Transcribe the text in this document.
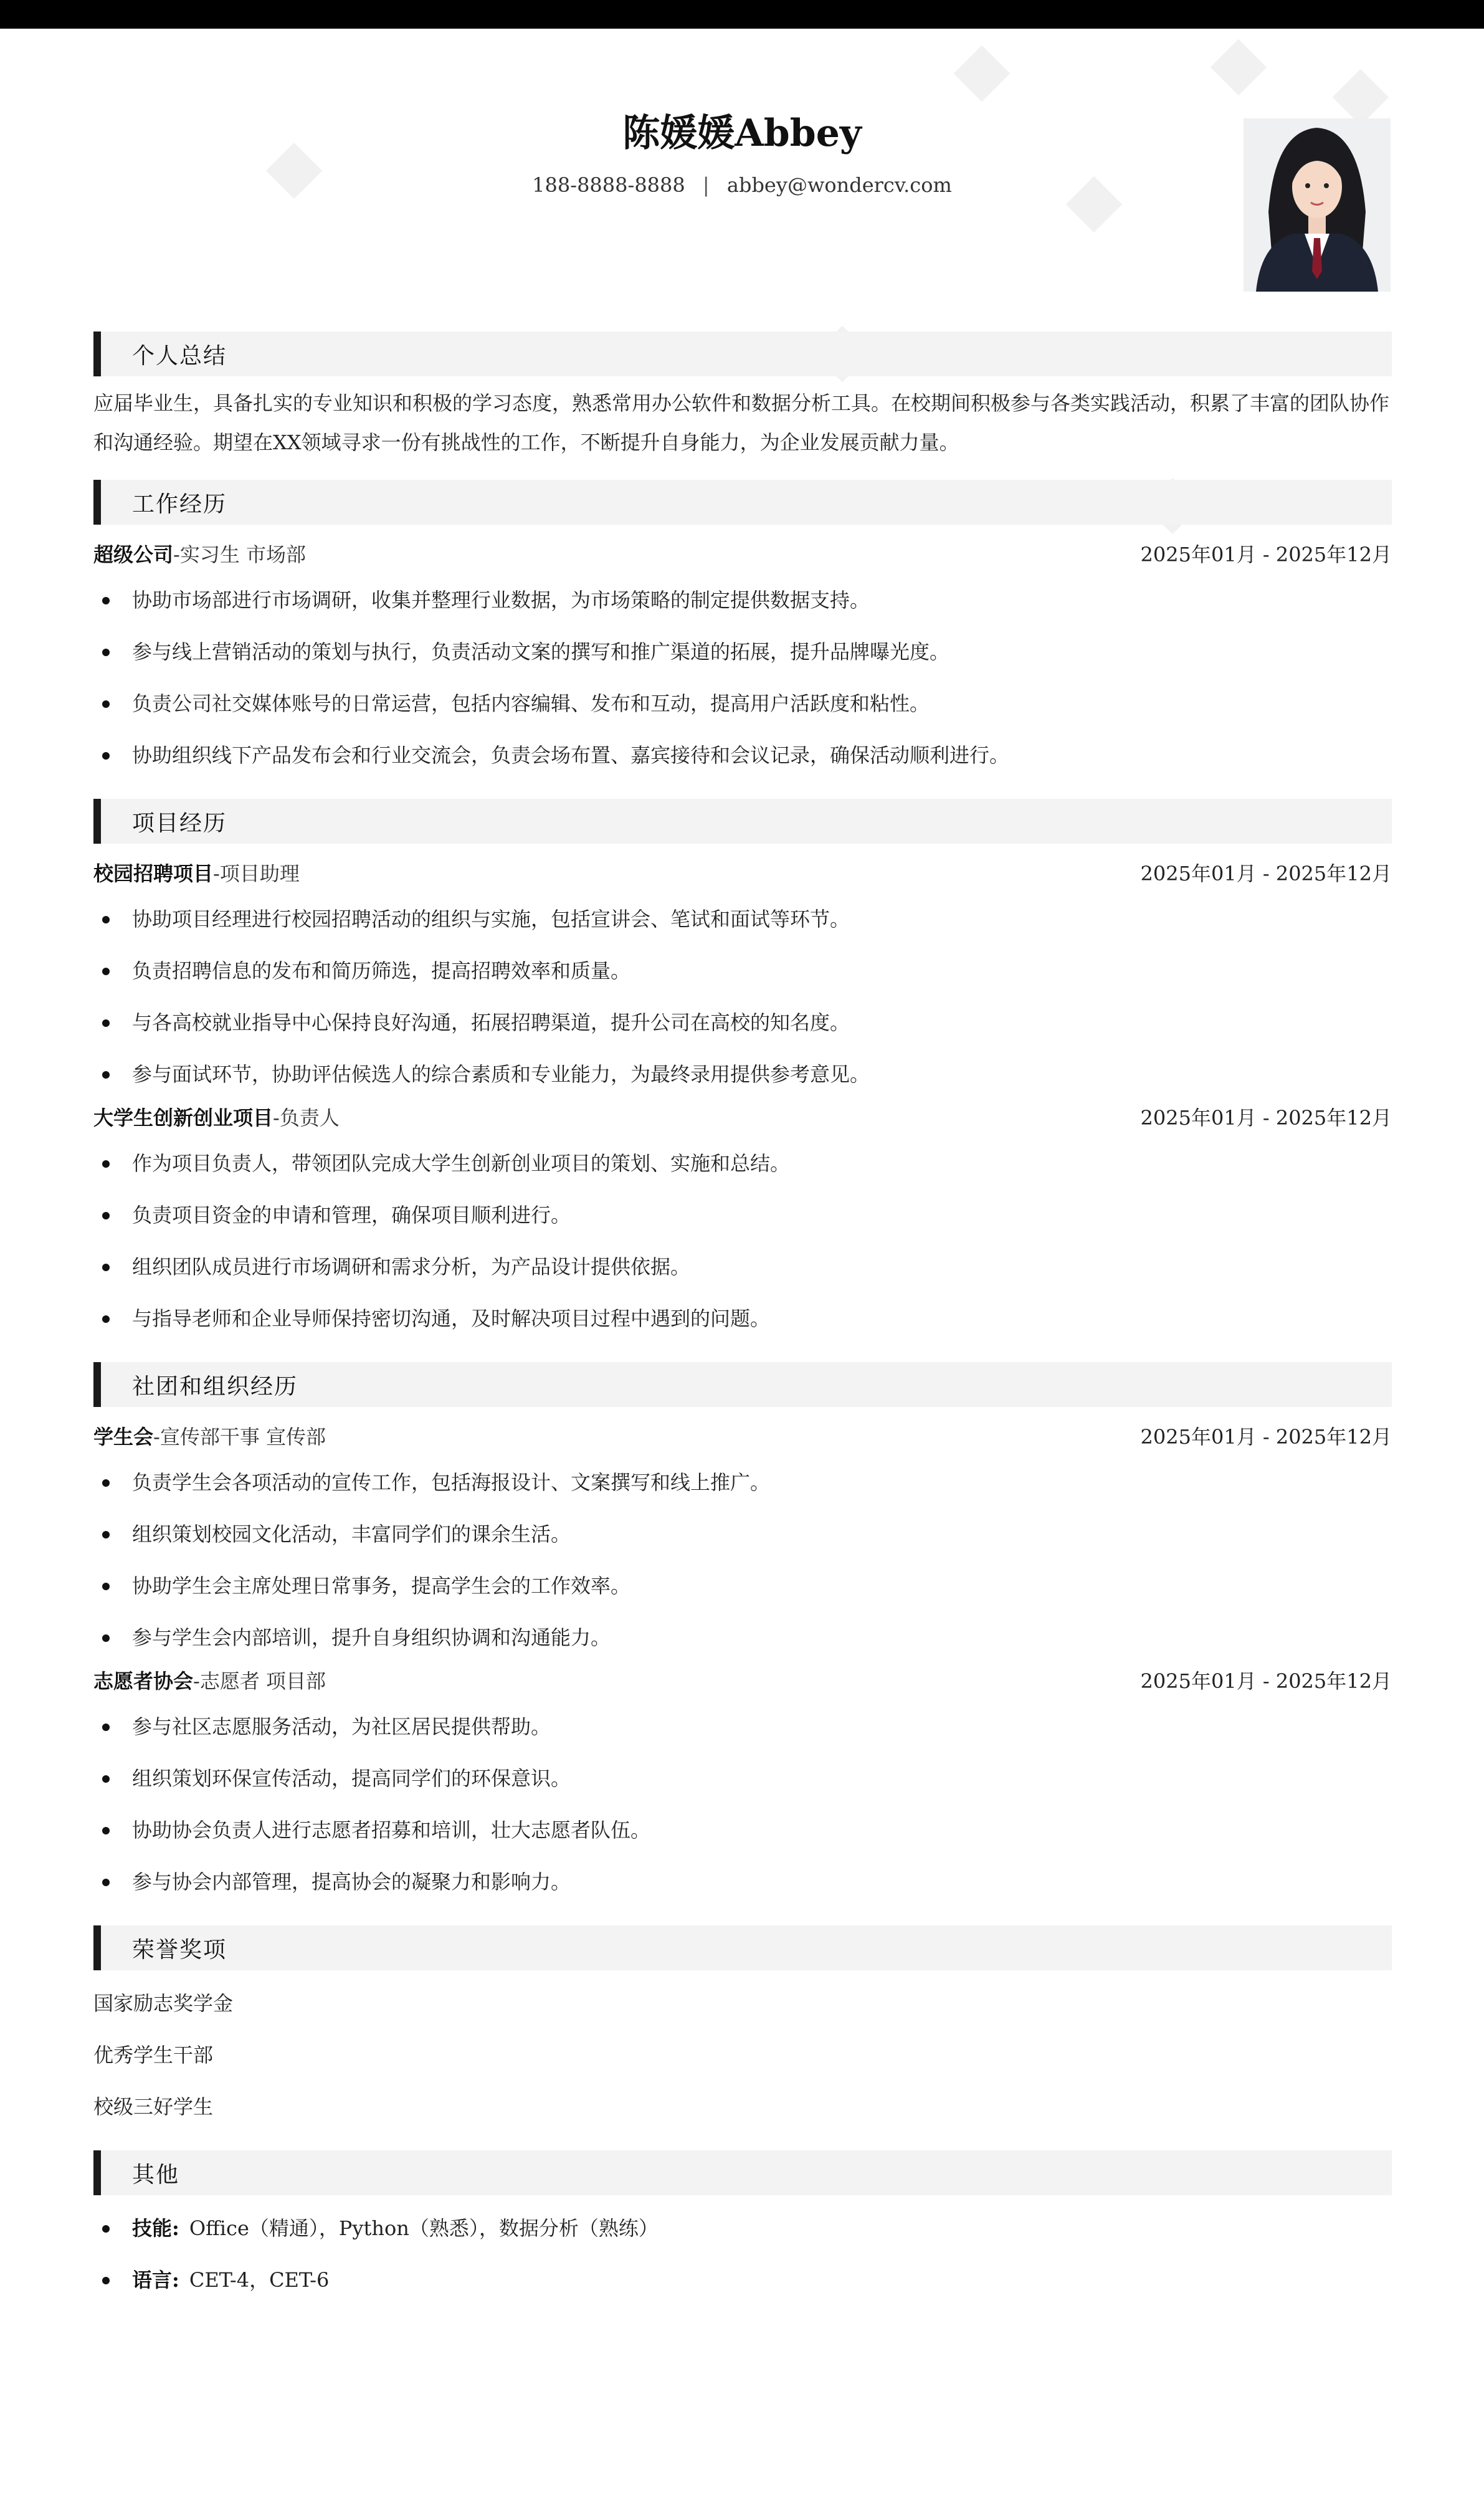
陈媛媛Abbey
188-8888-8888 | abbey@wondercv.com
个人总结
应届毕业生，具备扎实的专业知识和积极的学习态度，熟悉常用办公软件和数据分析工具。在校期间积极参与各类实践活动，积累了丰富的团队协作和沟通经验。期望在XX领域寻求一份有挑战性的工作，不断提升自身能力，为企业发展贡献力量。
工作经历
超级公司-实习生 市场部	2025年01月 - 2025年12月
协助市场部进行市场调研，收集并整理行业数据，为市场策略的制定提供数据支持。
参与线上营销活动的策划与执行，负责活动文案的撰写和推广渠道的拓展，提升品牌曝光度。
负责公司社交媒体账号的日常运营，包括内容编辑、发布和互动，提高用户活跃度和粘性。
协助组织线下产品发布会和行业交流会，负责会场布置、嘉宾接待和会议记录，确保活动顺利进行。
项目经历
校园招聘项目-项目助理	2025年01月 - 2025年12月
协助项目经理进行校园招聘活动的组织与实施，包括宣讲会、笔试和面试等环节。
负责招聘信息的发布和简历筛选，提高招聘效率和质量。
与各高校就业指导中心保持良好沟通，拓展招聘渠道，提升公司在高校的知名度。
参与面试环节，协助评估候选人的综合素质和专业能力，为最终录用提供参考意见。
大学生创新创业项目-负责人	2025年01月 - 2025年12月
作为项目负责人，带领团队完成大学生创新创业项目的策划、实施和总结。
负责项目资金的申请和管理，确保项目顺利进行。
组织团队成员进行市场调研和需求分析，为产品设计提供依据。
与指导老师和企业导师保持密切沟通，及时解决项目过程中遇到的问题。
社团和组织经历
学生会-宣传部干事 宣传部	2025年01月 - 2025年12月
负责学生会各项活动的宣传工作，包括海报设计、文案撰写和线上推广。
组织策划校园文化活动，丰富同学们的课余生活。
协助学生会主席处理日常事务，提高学生会的工作效率。
参与学生会内部培训，提升自身组织协调和沟通能力。
志愿者协会-志愿者 项目部	2025年01月 - 2025年12月
参与社区志愿服务活动，为社区居民提供帮助。
组织策划环保宣传活动，提高同学们的环保意识。
协助协会负责人进行志愿者招募和培训，壮大志愿者队伍。
参与协会内部管理，提高协会的凝聚力和影响力。
荣誉奖项
国家励志奖学金
优秀学生干部
校级三好学生
其他
技能: Office（精通），Python（熟悉），数据分析（熟练）
语言: CET-4，CET-6
